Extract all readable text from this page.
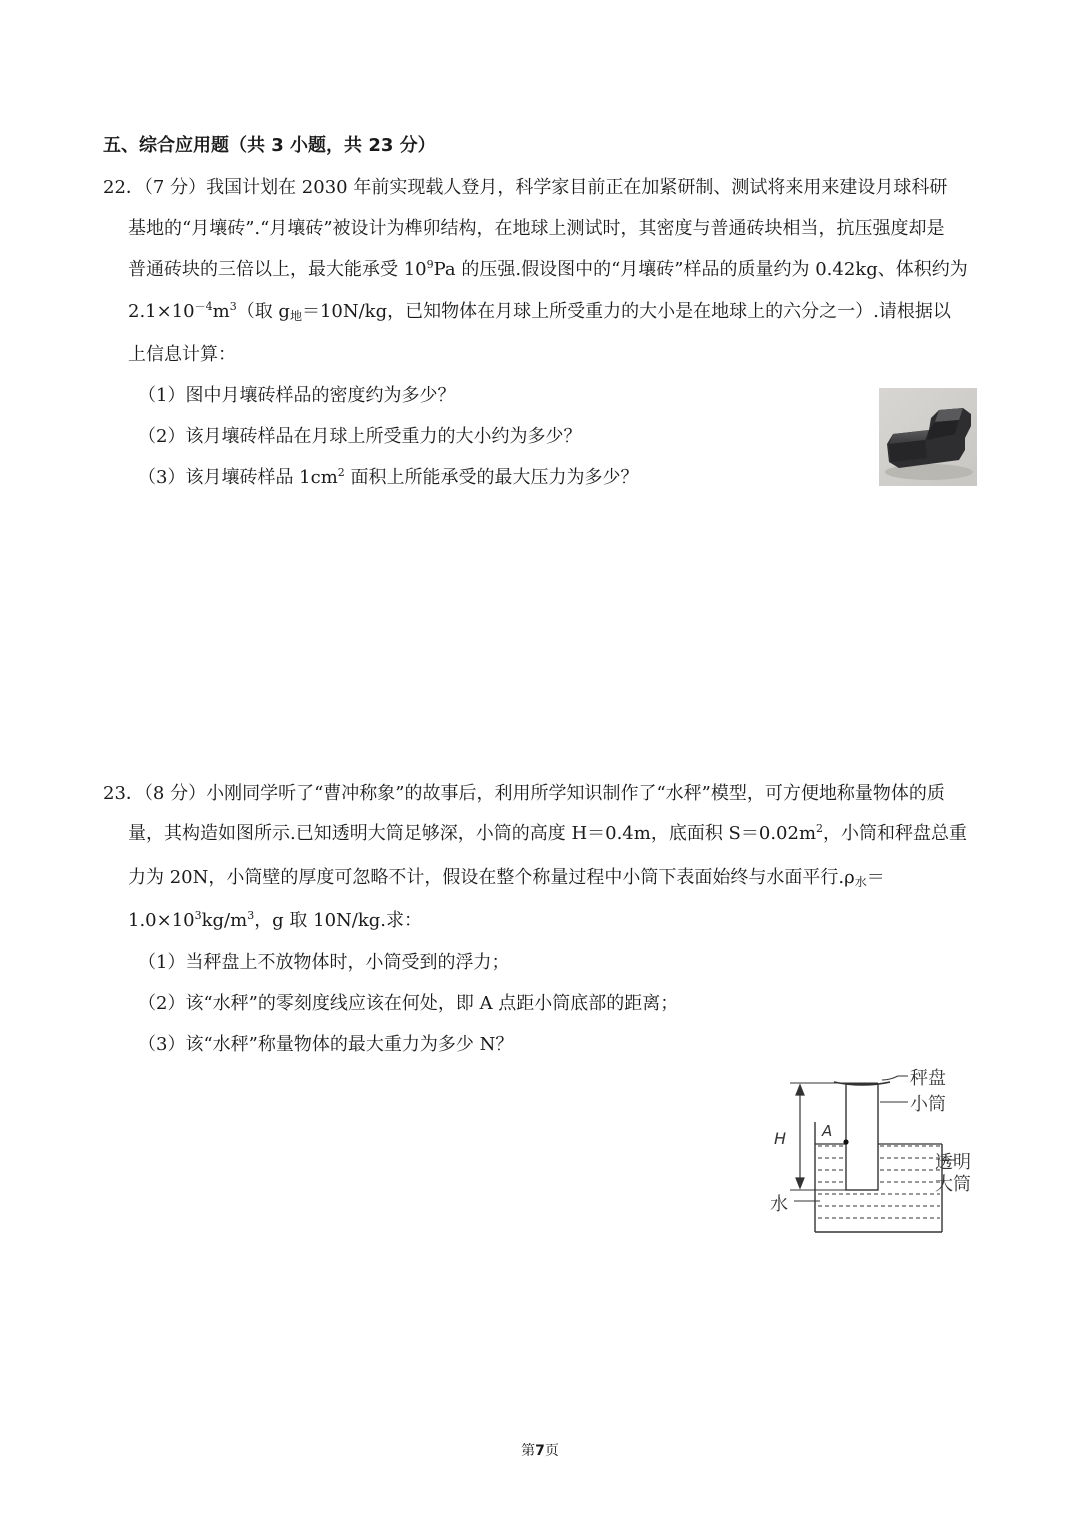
五、综合应用题（共 3 小题，共 23 分）
22．（7 分）我国计划在 2030 年前实现载人登月，科学家目前正在加紧研制、测试将来用来建设月球科研
基地的“月壤砖”.“月壤砖”被设计为榫卯结构，在地球上测试时，其密度与普通砖块相当，抗压强度却是
普通砖块的三倍以上，最大能承受 $10^9Pa$ 的压强.假设图中的“月壤砖”样品的质量约为 0.42kg、体积约为
$2.1\times 10^{-4}m^3$（取 $g_地=10N/kg$，已知物体在月球上所受重力的大小是在地球上的六分之一）.请根据以
上信息计算：
（1）图中月壤砖样品的密度约为多少？
（2）该月壤砖样品在月球上所受重力的大小约为多少？
（3）该月壤砖样品 $1cm^2$ 面积上所能承受的最大压力为多少？
23．（8 分）小刚同学听了“曹冲称象”的故事后，利用所学知识制作了“水秤”模型，可方便地称量物体的质
量，其构造如图所示.已知透明大筒足够深，小筒的高度 H＝0.4m，底面积 $S=0.02m^2$，小筒和秤盘总重
力为 20N，小筒壁的厚度可忽略不计，假设在整个称量过程中小筒下表面始终与水面平行$.\rho_水=$
$1.0\times 10^3kg/m^3$，g 取 10N/kg.求：
（1）当秤盘上不放物体时，小筒受到的浮力；
（2）该“水秤”的零刻度线应该在何处，即 A 点距小筒底部的距离；
（3）该“水秤”称量物体的最大重力为多少 N？
H A
秤盘
小筒
透明
大筒
水
第7页
